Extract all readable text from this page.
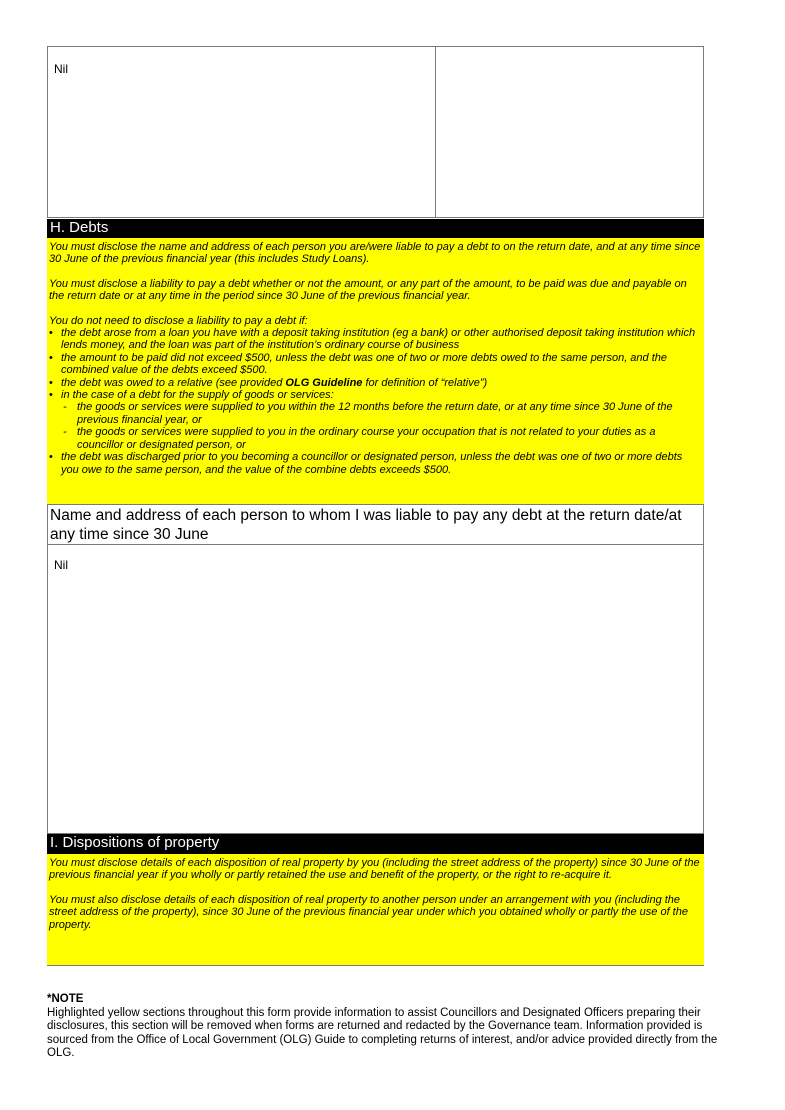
Nil
H. Debts

You must disclose the name and address of each person you are/were liable to pay a debt to on the return date, and at any time since 30 June of the previous financial year (this includes Study Loans).

You must disclose a liability to pay a debt whether or not the amount, or any part of the amount, to be paid was due and payable on the return date or at any time in the period since 30 June of the previous financial year.

You do not need to disclose a liability to pay a debt if:

• the debt arose from a loan you have with a deposit taking institution (eg a bank) or other authorised deposit taking institution which lends money, and the loan was part of the institution’s ordinary course of business
• the amount to be paid did not exceed $500, unless the debt was one of two or more debts owed to the same person, and the combined value of the debts exceed $500.
• the debt was owed to a relative (see provided OLG Guideline for definition of “relative”)
• in the case of a debt for the supply of goods or services:
- the goods or services were supplied to you within the 12 months before the return date, or at any time since 30 June of the previous financial year, or
- the goods or services were supplied to you in the ordinary course your occupation that is not related to your duties as a councillor or designated person, or
• the debt was discharged prior to you becoming a councillor or designated person, unless the debt was one of two or more debts you owe to the same person, and the value of the combine debts exceeds $500.
Name and address of each person to whom I was liable to pay any debt at the return date/at any time since 30 June
Nil
I. Dispositions of property

You must disclose details of each disposition of real property by you (including the street address of the property) since 30 June of the previous financial year if you wholly or partly retained the use and benefit of the property, or the right to re-acquire it.

You must also disclose details of each disposition of real property to another person under an arrangement with you (including the street address of the property), since 30 June of the previous financial year under which you obtained wholly or partly the use of the property.

*NOTE
Highlighted yellow sections throughout this form provide information to assist Councillors and Designated Officers preparing their disclosures, this section will be removed when forms are returned and redacted by the Governance team. Information provided is sourced from the Office of Local Government (OLG) Guide to completing returns of interest, and/or advice provided directly from the OLG.
